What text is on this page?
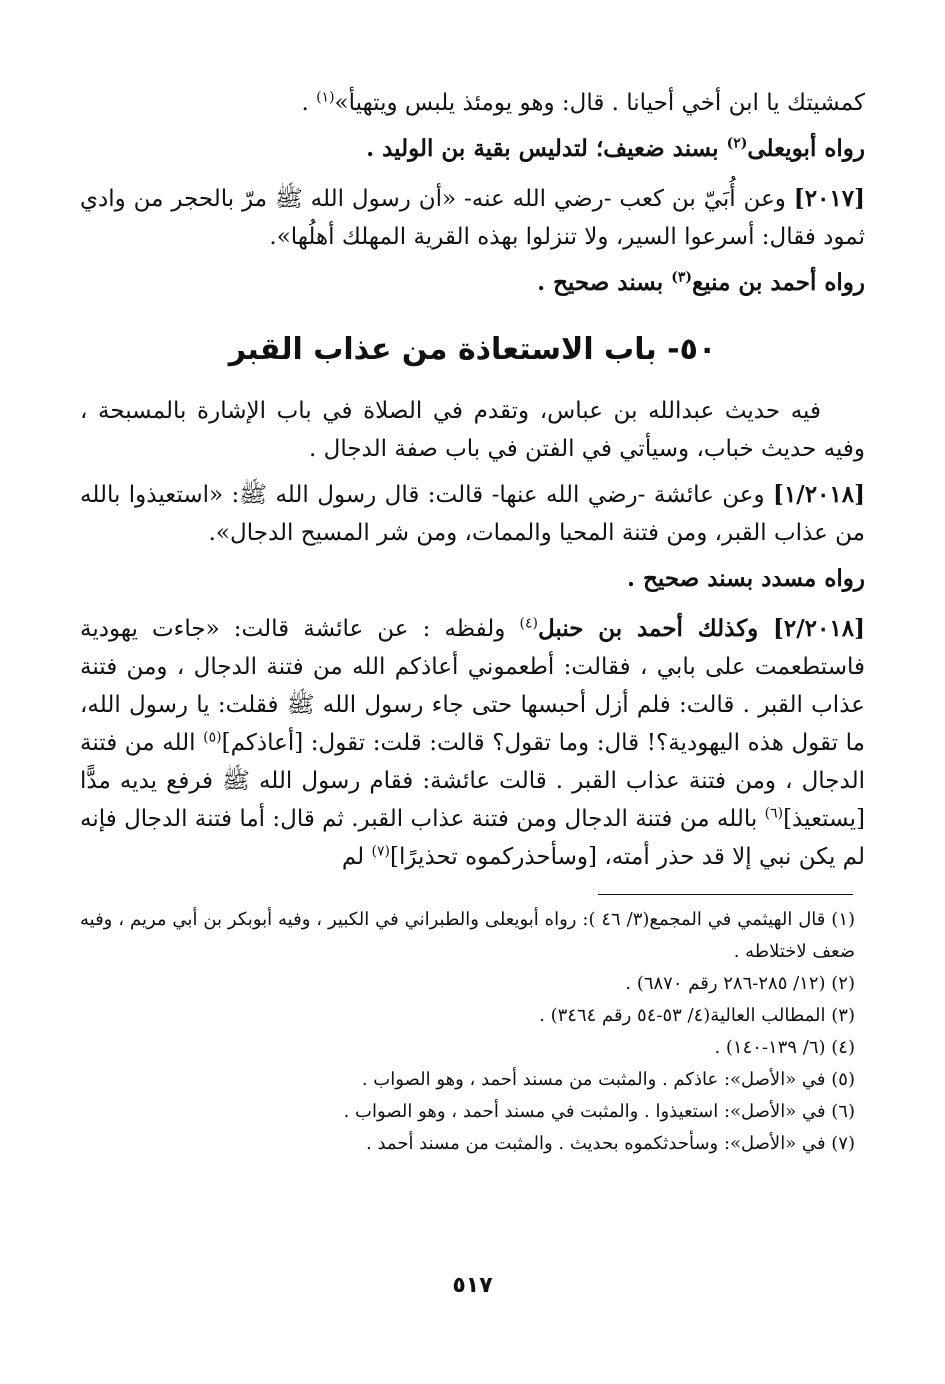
كمشيتك يا ابن أخي أحيانا . قال: وهو يومئذ يلبس ويتهيأ»$^{(١)}$ .

رواه أبويعلى$^{(٢)}$ بسند ضعيف؛ لتدليس بقية بن الوليد .

[٢٠١٧] وعن أُبَيّ بن كعب -رضي الله عنه- «أن رسول الله ﷺ مرّ بالحجر من وادي ثمود فقال: أسرعوا السير، ولا تنزلوا بهذه القرية المهلك أهلُها».

رواه أحمد بن منيع$^{(٣)}$ بسند صحيح .

٥٠- باب الاستعاذة من عذاب القبر

فيه حديث عبدالله بن عباس، وتقدم في الصلاة في باب الإشارة بالمسبحة ، وفيه حديث خباب، وسيأتي في الفتن في باب صفة الدجال .

[١/٢٠١٨] وعن عائشة -رضي الله عنها- قالت: قال رسول الله ﷺ: «استعيذوا بالله من عذاب القبر، ومن فتنة المحيا والممات، ومن شر المسيح الدجال».

رواه مسدد بسند صحيح .

[٢/٢٠١٨] وكذلك أحمد بن حنبل$^{(٤)}$ ولفظه : عن عائشة قالت: «جاءت يهودية فاستطعمت على بابي ، فقالت: أطعموني أعاذكم الله من فتنة الدجال ، ومن فتنة عذاب القبر . قالت: فلم أزل أحبسها حتى جاء رسول الله ﷺ فقلت: يا رسول الله، ما تقول هذه اليهودية؟! قال: وما تقول؟ قالت: قلت: تقول: [أعاذكم]$^{(٥)}$ الله من فتنة الدجال ، ومن فتنة عذاب القبر . قالت عائشة: فقام رسول الله ﷺ فرفع يديه مدًّا [يستعيذ]$^{(٦)}$ بالله من فتنة الدجال ومن فتنة عذاب القبر. ثم قال: أما فتنة الدجال فإنه لم يكن نبي إلا قد حذر أمته، [وسأحذركموه تحذيرًا]$^{(٧)}$ لم

(١) قال الهيثمي في المجمع(٣/ ٤٦ ): رواه أبويعلى والطبراني في الكبير ، وفيه أبوبكر بن أبي مريم ، وفيه ضعف لاختلاطه .

(٢) (١٢/ ٢٨٥-٢٨٦ رقم ٦٨٧٠) .

(٣) المطالب العالية(٤/ ٥٣-٥٤ رقم ٣٤٦٤) .

(٤) (٦/ ١٣٩-١٤٠) .

(٥) في «الأصل»: عاذكم . والمثبت من مسند أحمد ، وهو الصواب .

(٦) في «الأصل»: استعيذوا . والمثبت في مسند أحمد ، وهو الصواب .

(٧) في «الأصل»: وسأحدثكموه بحديث . والمثبت من مسند أحمد .

٥١٧
